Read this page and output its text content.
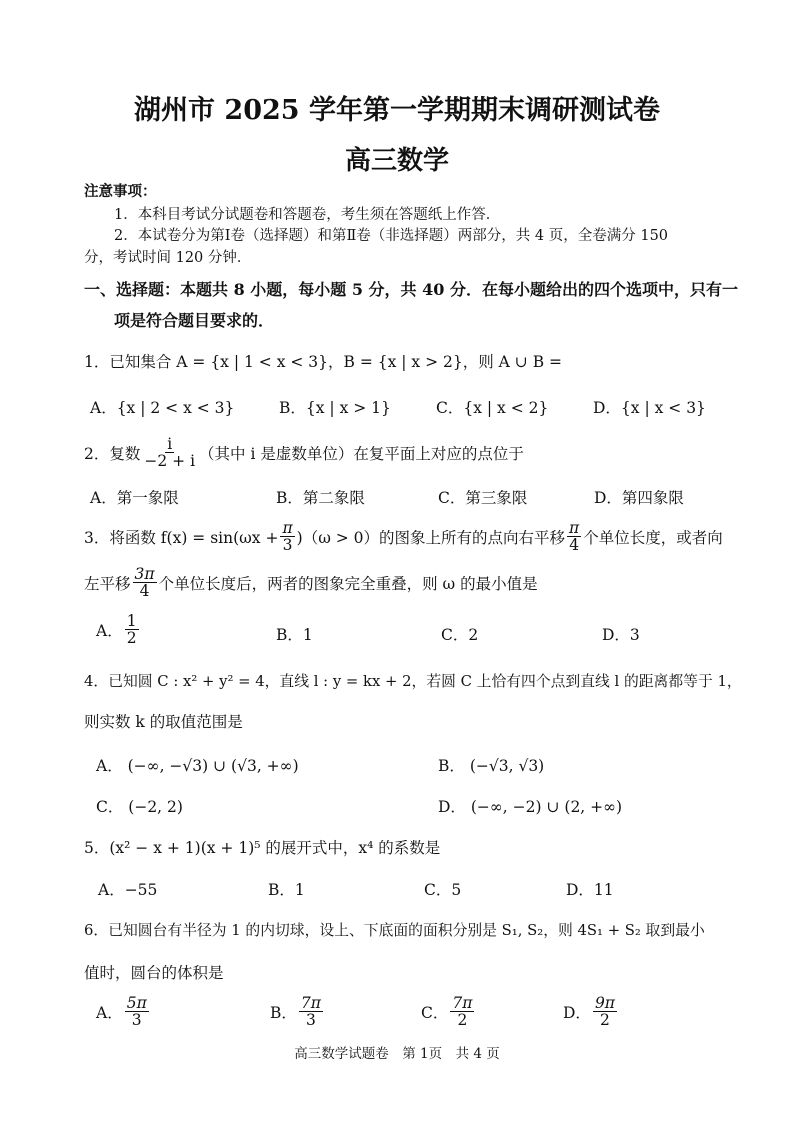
湖州市 2025 学年第一学期期末调研测试卷
高三数学
注意事项：
1．本科目考试分试题卷和答题卷，考生须在答题纸上作答．
2．本试卷分为第Ⅰ卷（选择题）和第Ⅱ卷（非选择题）两部分，共 4 页，全卷满分 150
分，考试时间 120 分钟．
一、选择题：本题共 8 小题，每小题 5 分，共 40 分．在每小题给出的四个选项中，只有一
项是符合题目要求的．
1．已知集合 A = {x | 1 < x < 3}，B = {x | x > 2}，则 A ∪ B =
A．{x | 2 < x < 3}	B．{x | x > 1}	C．{x | x < 2}	D．{x | x < 3}
2．复数 $\frac{i}{-2 + i}$ （其中 i 是虚数单位）在复平面上对应的点位于
A．第一象限	B．第二象限	C．第三象限	D．第四象限
3．将函数 $f(x) = \sin(\omega x + \frac{\pi}{3} )(\omega > 0)$的图象上所有的点向右平移 $\frac{\pi}{4}$ 个单位长度，或者向
左平移 $\frac{3\pi}{4}$ 个单位长度后，两者的图象完全重叠，则 ω 的最小值是
A． $\frac{1}{2}$	B．1	C．2	D．3
4．已知圆 C : x² + y² = 4，直线 l : y = kx + 2，若圆 C 上恰有四个点到直线 l 的距离都等于 1，
则实数 k 的取值范围是
A． (−∞, −√3) ∪ (√3, +∞)	B． (−√3, √3)
C． (−2, 2)	D． (−∞, −2) ∪ (2, +∞)
5．(x² − x + 1)(x + 1)⁵ 的展开式中，x⁴ 的系数是
A．−55	B．1	C．5	D．11
6．已知圆台有半径为 1 的内切球，设上、下底面的面积分别是 S₁, S₂，则 4S₁ + S₂ 取到最小
值时，圆台的体积是
A． $\frac{5\pi}{3}$	B． $\frac{7\pi}{3}$	C． $\frac{7\pi}{2}$	D． $\frac{9\pi}{2}$
高三数学试题卷　第 1页　共 4 页
